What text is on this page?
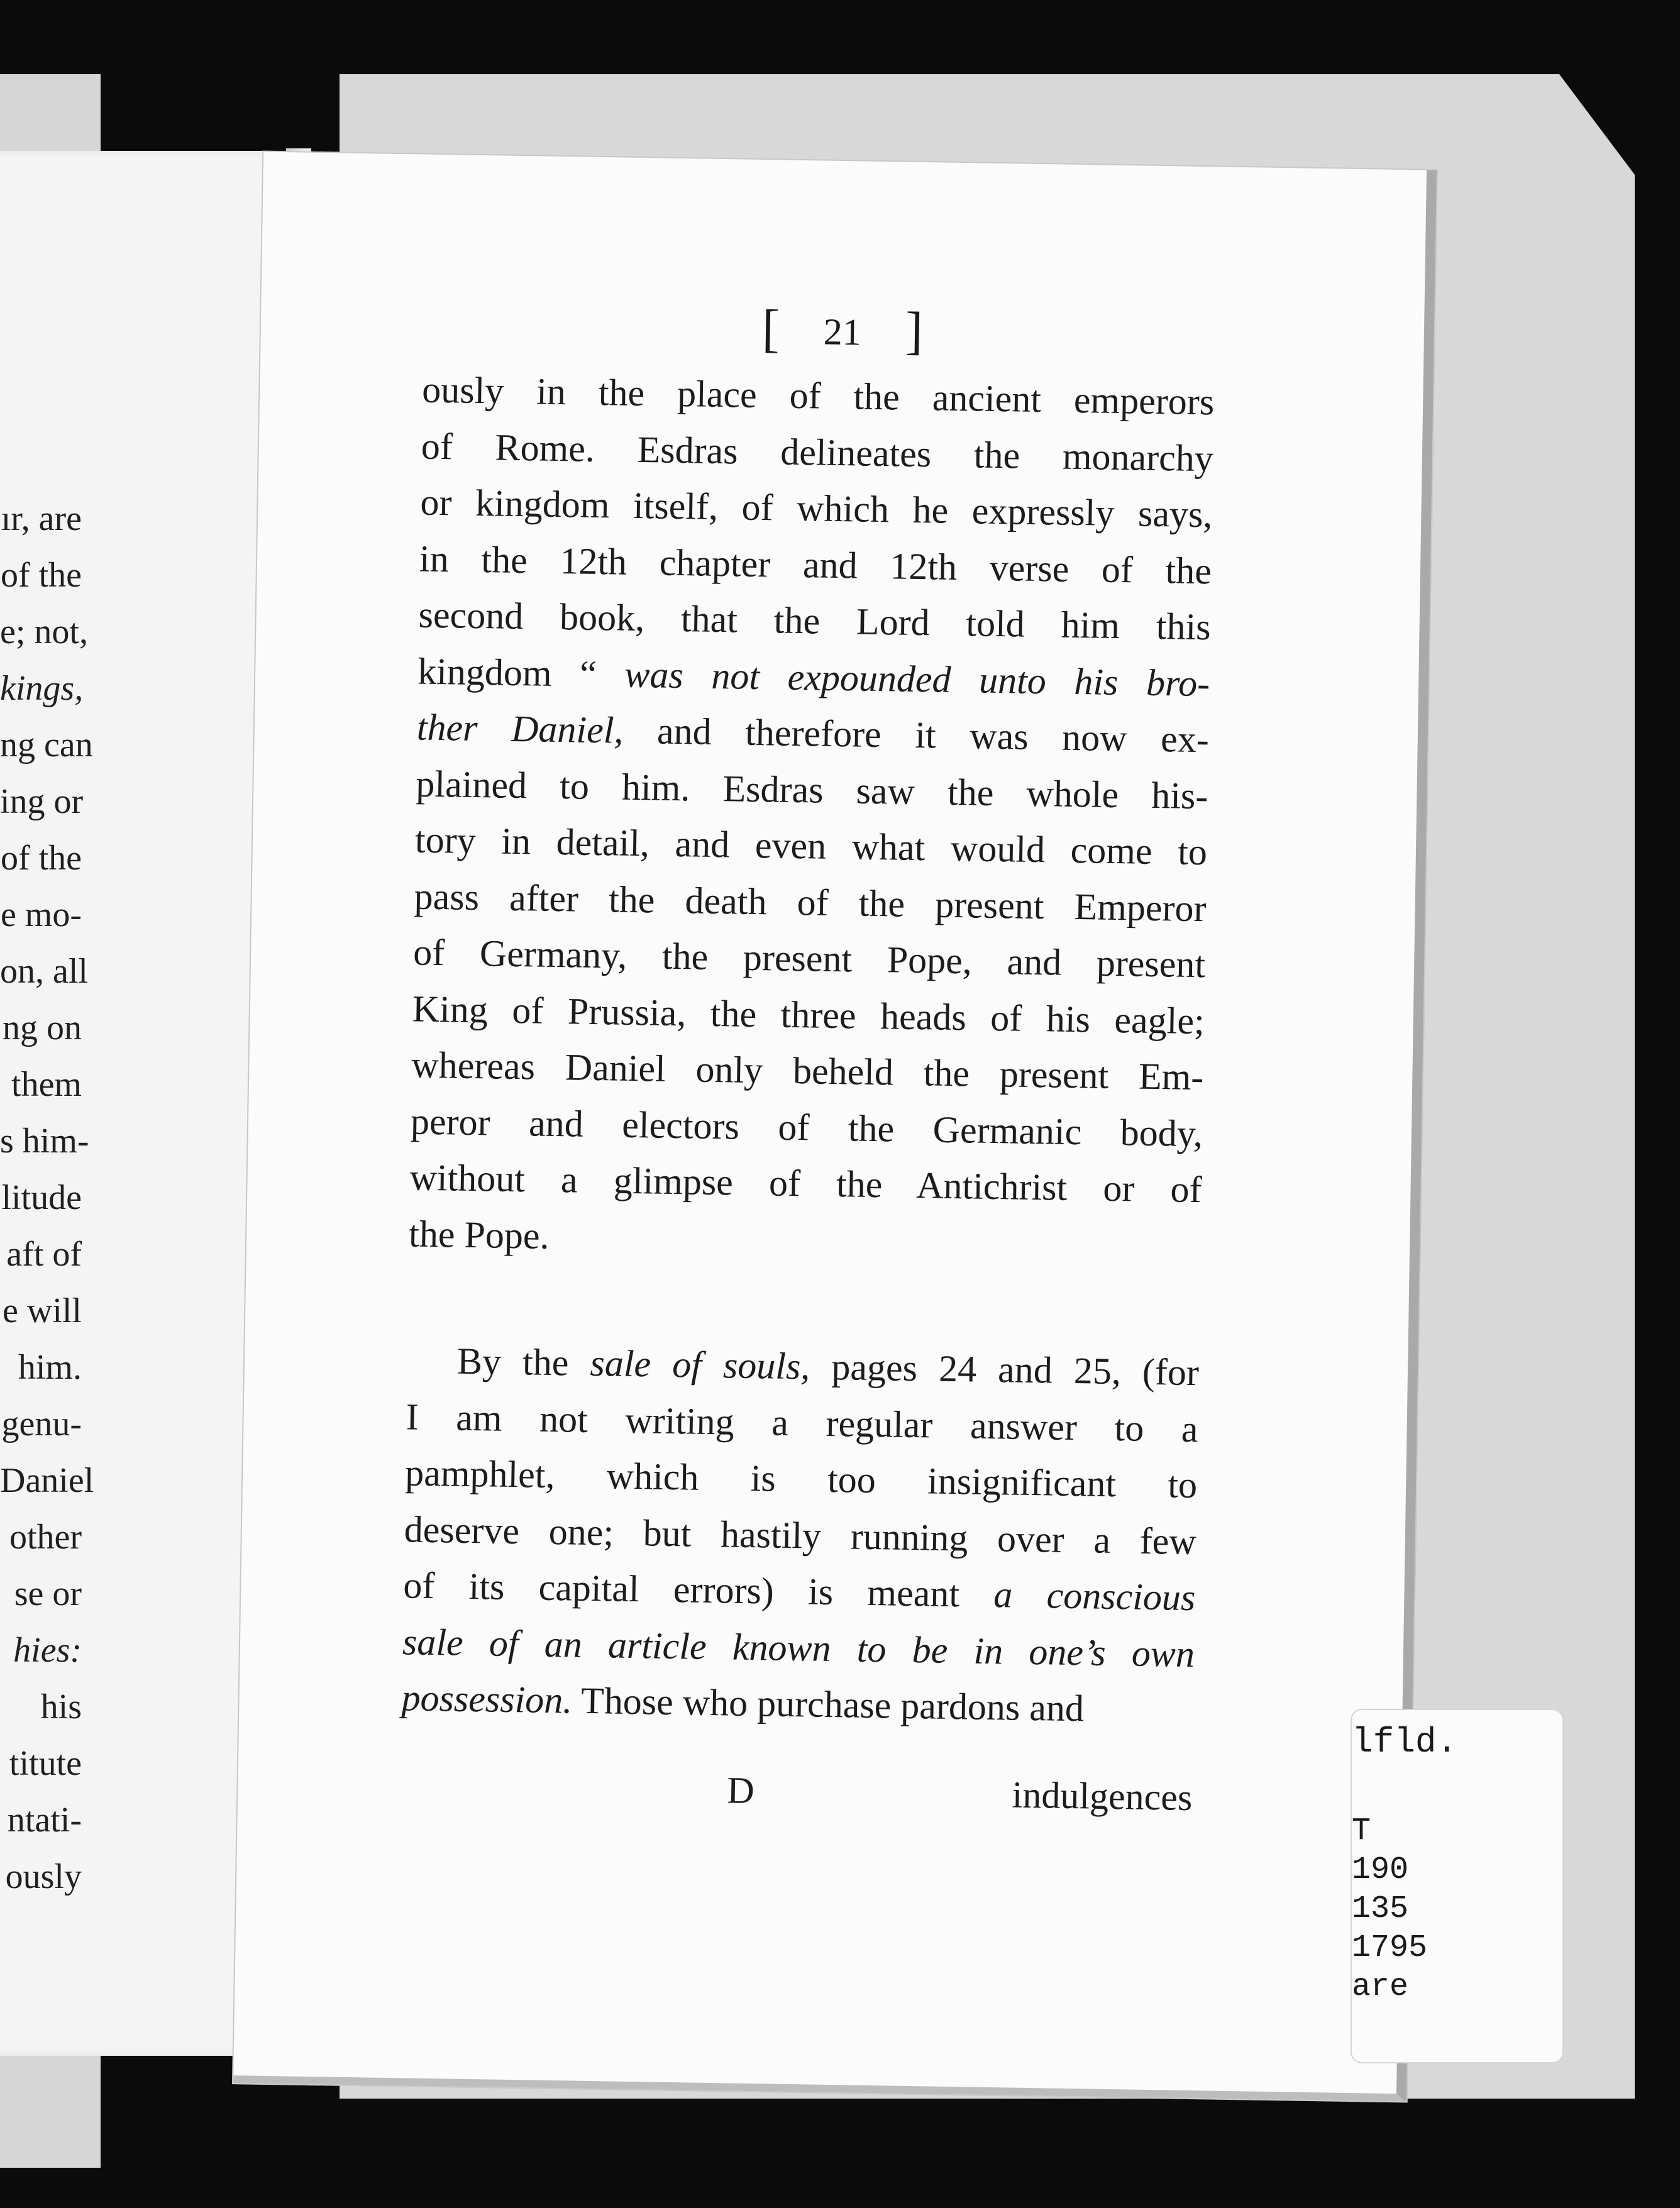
ır, are
of the
e; not,
kings,
ng can
ing or
of the
e mo-
on, all
ng on
them
s him-
litude
aft of
e will
him.
genu-
Daniel
other
se or
hies:
his
titute
ntati-
ously
[ 21 ]
ously in the place of the ancient emperors
of Rome. Esdras delineates the monarchy
or kingdom itself, of which he expressly says,
in the 12th chapter and 12th verse of the
second book, that the Lord told him this
kingdom “ was not expounded unto his bro-
ther Daniel, and therefore it was now ex-
plained to him. Esdras saw the whole his-
tory in detail, and even what would come to
pass after the death of the present Emperor
of Germany, the present Pope, and present
King of Prussia, the three heads of his eagle;
whereas Daniel only beheld the present Em-
peror and electors of the Germanic body,
without a glimpse of the Antichrist or of
the Pope.
By the sale of souls, pages 24 and 25, (for
I am not writing a regular answer to a
pamphlet, which is too insignificant to
deserve one; but hastily running over a few
of its capital errors) is meant a conscious
sale of an article known to be in one’s own
possession. Those who purchase pardons and
D	indulgences
lfld.
T
190
135
1795
are
